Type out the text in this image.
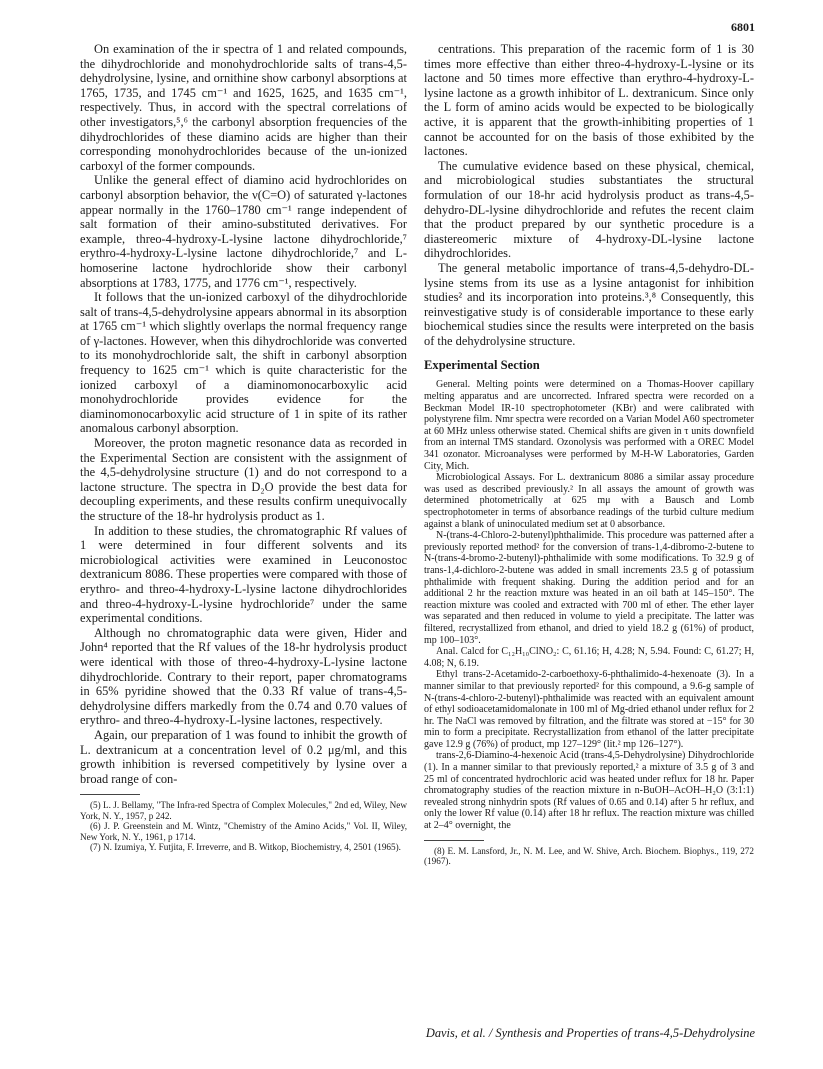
6801

On examination of the ir spectra of 1 and related compounds, the dihydrochloride and monohydrochloride salts of trans-4,5-dehydrolysine, lysine, and ornithine show carbonyl absorptions at 1765, 1735, and 1745 cm⁻¹ and 1625, 1625, and 1635 cm⁻¹, respectively. Thus, in accord with the spectral correlations of other investigators,⁵,⁶ the carbonyl absorption frequencies of the dihydrochlorides of these diamino acids are higher than their corresponding monohydrochlorides because of the un-ionized carboxyl of the former compounds.

Unlike the general effect of diamino acid hydrochlorides on carbonyl absorption behavior, the ν(C=O) of saturated γ-lactones appear normally in the 1760–1780 cm⁻¹ range independent of salt formation of their amino-substituted derivatives. For example, threo-4-hydroxy-L-lysine lactone dihydrochloride,⁷ erythro-4-hydroxy-L-lysine lactone dihydrochloride,⁷ and L-homoserine lactone hydrochloride show their carbonyl absorptions at 1783, 1775, and 1776 cm⁻¹, respectively.

It follows that the un-ionized carboxyl of the dihydrochloride salt of trans-4,5-dehydrolysine appears abnormal in its absorption at 1765 cm⁻¹ which slightly overlaps the normal frequency range of γ-lactones. However, when this dihydrochloride was converted to its monohydrochloride salt, the shift in carbonyl absorption frequency to 1625 cm⁻¹ which is quite characteristic for the ionized carboxyl of a diaminomonocarboxylic acid monohydrochloride provides evidence for the diaminomonocarboxylic acid structure of 1 in spite of its rather anomalous carbonyl absorption.

Moreover, the proton magnetic resonance data as recorded in the Experimental Section are consistent with the assignment of the 4,5-dehydrolysine structure (1) and do not correspond to a lactone structure. The spectra in D₂O provide the best data for decoupling experiments, and these results confirm unequivocally the structure of the 18-hr hydrolysis product as 1.

In addition to these studies, the chromatographic Rf values of 1 were determined in four different solvents and its microbiological activities were examined in Leuconostoc dextranicum 8086. These properties were compared with those of erythro- and threo-4-hydroxy-L-lysine lactone dihydrochlorides and threo-4-hydroxy-L-lysine hydrochloride⁷ under the same experimental conditions.

Although no chromatographic data were given, Hider and John⁴ reported that the Rf values of the 18-hr hydrolysis product were identical with those of threo-4-hydroxy-L-lysine lactone dihydrochloride. Contrary to their report, paper chromatograms in 65% pyridine showed that the 0.33 Rf value of trans-4,5-dehydrolysine differs markedly from the 0.74 and 0.70 values of erythro- and threo-4-hydroxy-L-lysine lactones, respectively.

Again, our preparation of 1 was found to inhibit the growth of L. dextranicum at a concentration level of 0.2 μg/ml, and this growth inhibition is reversed competitively by lysine over a broad range of con-

(5) L. J. Bellamy, "The Infra-red Spectra of Complex Molecules," 2nd ed, Wiley, New York, N. Y., 1957, p 242.

(6) J. P. Greenstein and M. Wintz, "Chemistry of the Amino Acids," Vol. II, Wiley, New York, N. Y., 1961, p 1714.

(7) N. Izumiya, Y. Futjita, F. Irreverre, and B. Witkop, Biochemistry, 4, 2501 (1965).

centrations. This preparation of the racemic form of 1 is 30 times more effective than either threo-4-hydroxy-L-lysine or its lactone and 50 times more effective than erythro-4-hydroxy-L-lysine lactone as a growth inhibitor of L. dextranicum. Since only the L form of amino acids would be expected to be biologically active, it is apparent that the growth-inhibiting properties of 1 cannot be accounted for on the basis of those exhibited by the lactones.

The cumulative evidence based on these physical, chemical, and microbiological studies substantiates the structural formulation of our 18-hr acid hydrolysis product as trans-4,5-dehydro-DL-lysine dihydrochloride and refutes the recent claim that the product prepared by our synthetic procedure is a diastereomeric mixture of 4-hydroxy-DL-lysine lactone dihydrochlorides.

The general metabolic importance of trans-4,5-dehydro-DL-lysine stems from its use as a lysine antagonist for inhibition studies² and its incorporation into proteins.³,⁸ Consequently, this reinvestigative study is of considerable importance to these early biochemical studies since the results were interpreted on the basis of the dehydrolysine structure.

Experimental Section

General. Melting points were determined on a Thomas-Hoover capillary melting apparatus and are uncorrected. Infrared spectra were recorded on a Beckman Model IR-10 spectrophotometer (KBr) and were calibrated with polystyrene film. Nmr spectra were recorded on a Varian Model A60 spectrometer at 60 MHz unless otherwise stated. Chemical shifts are given in τ units downfield from an internal TMS standard. Ozonolysis was performed with a OREC Model 341 ozonator. Microanalyses were performed by M-H-W Laboratories, Garden City, Mich.

Microbiological Assays. For L. dextranicum 8086 a similar assay procedure was used as described previously.² In all assays the amount of growth was determined photometrically at 625 mμ with a Bausch and Lomb spectrophotometer in terms of absorbance readings of the turbid culture medium against a blank of uninoculated medium set at 0 absorbance.

N-(trans-4-Chloro-2-butenyl)phthalimide. This procedure was patterned after a previously reported method² for the conversion of trans-1,4-dibromo-2-butene to N-(trans-4-bromo-2-butenyl)-phthalimide with some modifications. To 32.9 g of trans-1,4-dichloro-2-butene was added in small increments 23.5 g of potassium phthalimide with frequent shaking. During the addition period and for an additional 2 hr the reaction mxture was heated in an oil bath at 145–150°. The reaction mixture was cooled and extracted with 700 ml of ether. The ether layer was separated and then reduced in volume to yield a precipitate. The latter was filtered, recrystallized from ethanol, and dried to yield 18.2 g (61%) of product, mp 100–103°.

Anal. Calcd for C₁₂H₁₀ClNO₂: C, 61.16; H, 4.28; N, 5.94. Found: C, 61.27; H, 4.08; N, 6.19.

Ethyl trans-2-Acetamido-2-carboethoxy-6-phthalimido-4-hexenoate (3). In a manner similar to that previously reported² for this compound, a 9.6-g sample of N-(trans-4-chloro-2-butenyl)-phthalimide was reacted with an equivalent amount of ethyl sodioacetamidomalonate in 100 ml of Mg-dried ethanol under reflux for 2 hr. The NaCl was removed by filtration, and the filtrate was stored at −15° for 30 min to form a precipitate. Recrystallization from ethanol of the latter precipitate gave 12.9 g (76%) of product, mp 127–129° (lit.² mp 126–127°).

trans-2,6-Diamino-4-hexenoic Acid (trans-4,5-Dehydrolysine) Dihydrochloride (1). In a manner similar to that previously reported,² a mixture of 3.5 g of 3 and 25 ml of concentrated hydrochloric acid was heated under reflux for 18 hr. Paper chromatography studies of the reaction mixture in n-BuOH–AcOH–H₂O (3:1:1) revealed strong ninhydrin spots (Rf values of 0.65 and 0.14) after 5 hr reflux, and only the lower Rf value (0.14) after 18 hr reflux. The reaction mixture was chilled at 2–4° overnight, the

(8) E. M. Lansford, Jr., N. M. Lee, and W. Shive, Arch. Biochem. Biophys., 119, 272 (1967).

Davis, et al. / Synthesis and Properties of trans-4,5-Dehydrolysine
